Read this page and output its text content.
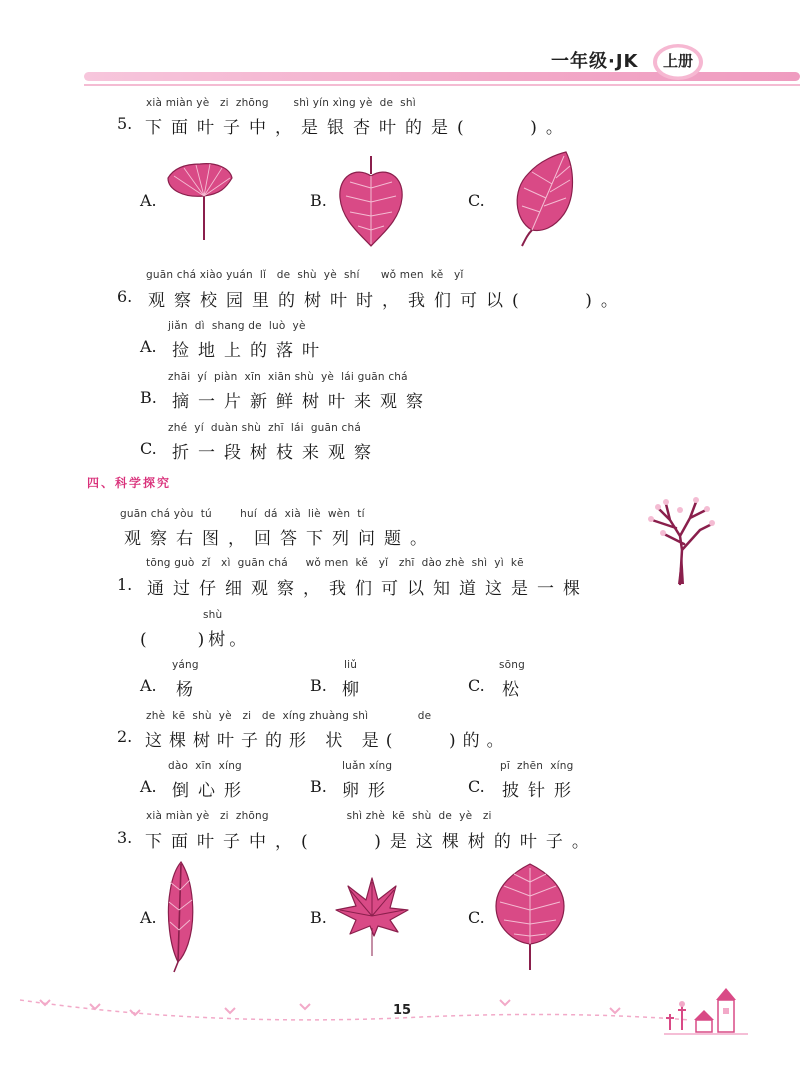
一年级·JK	上册
xià miàn yè   zi  zhōng       shì yín xìng yè  de  shì
5. 下面叶子中，是银杏叶的是(    )。
A.	B.	C.
guān chá xiào yuán  lǐ   de  shù  yè  shí      wǒ men  kě   yǐ
6. 观察校园里的树叶时，我们可以(    )。
jiǎn  dì  shang de  luò  yè
A. 捡地上的落叶
zhāi  yí  piàn  xīn  xiān shù  yè  lái guān chá
B. 摘一片新鲜树叶来观察
zhé  yí  duàn shù  zhī  lái  guān chá
C. 折一段树枝来观察
四、科学探究
guān chá yòu  tú        huí  dá  xià  liè  wèn  tí
观察右图，回答下列问题。
tōng guò  zǐ   xì  guān chá     wǒ men  kě   yǐ   zhī  dào zhè  shì  yì  kē
1. 通过仔细观察，我们可以知道这是一棵
shù
(     )树。
yáng
A. 杨
liǔ
B. 柳
sōng
C. 松
zhè  kē  shù  yè   zi   de  xíng zhuàng shì              de
2. 这棵树叶子的形 状 是(    )的。
dào  xīn  xíng
A. 倒心形
luǎn xíng
B. 卵形
pī  zhēn  xíng
C. 披针形
xià miàn yè   zi  zhōng                      shì zhè  kē  shù  de  yè   zi
3. 下面叶子中，(    )是这棵树的叶子。
A.	B.	C.
15
